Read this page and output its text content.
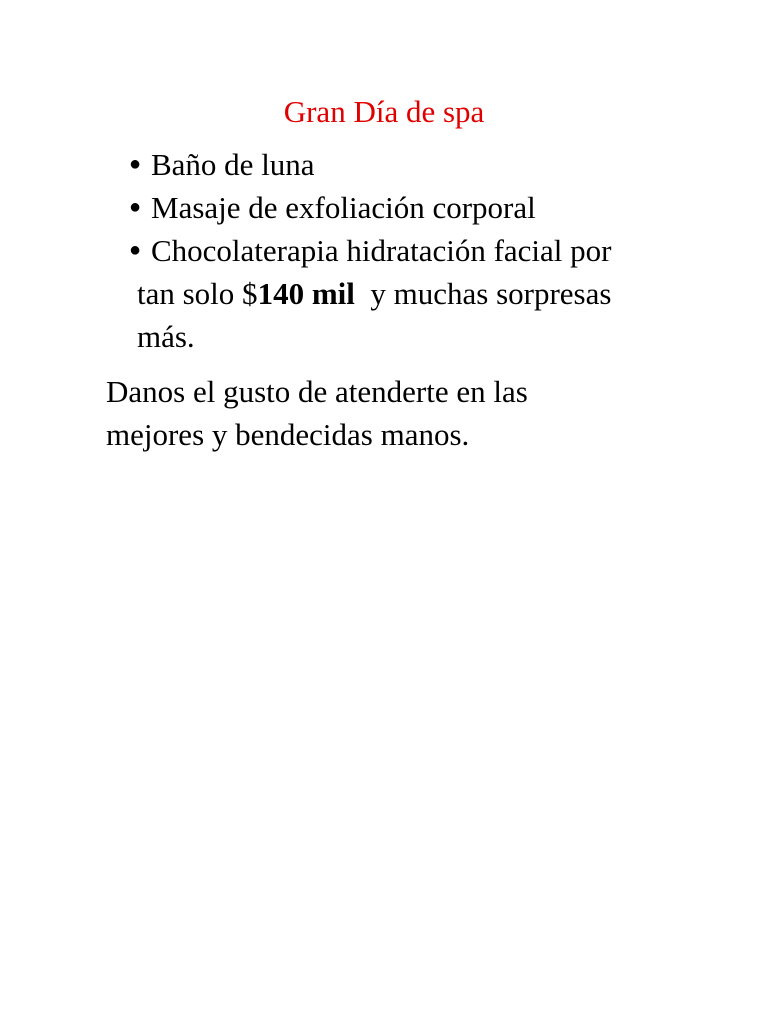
Gran Día de spa
● Baño de luna
● Masaje de exfoliación corporal
● Chocolaterapia hidratación facial por
tan solo $140 mil  y muchas sorpresas
más.
Danos el gusto de atenderte en las
mejores y bendecidas manos.
